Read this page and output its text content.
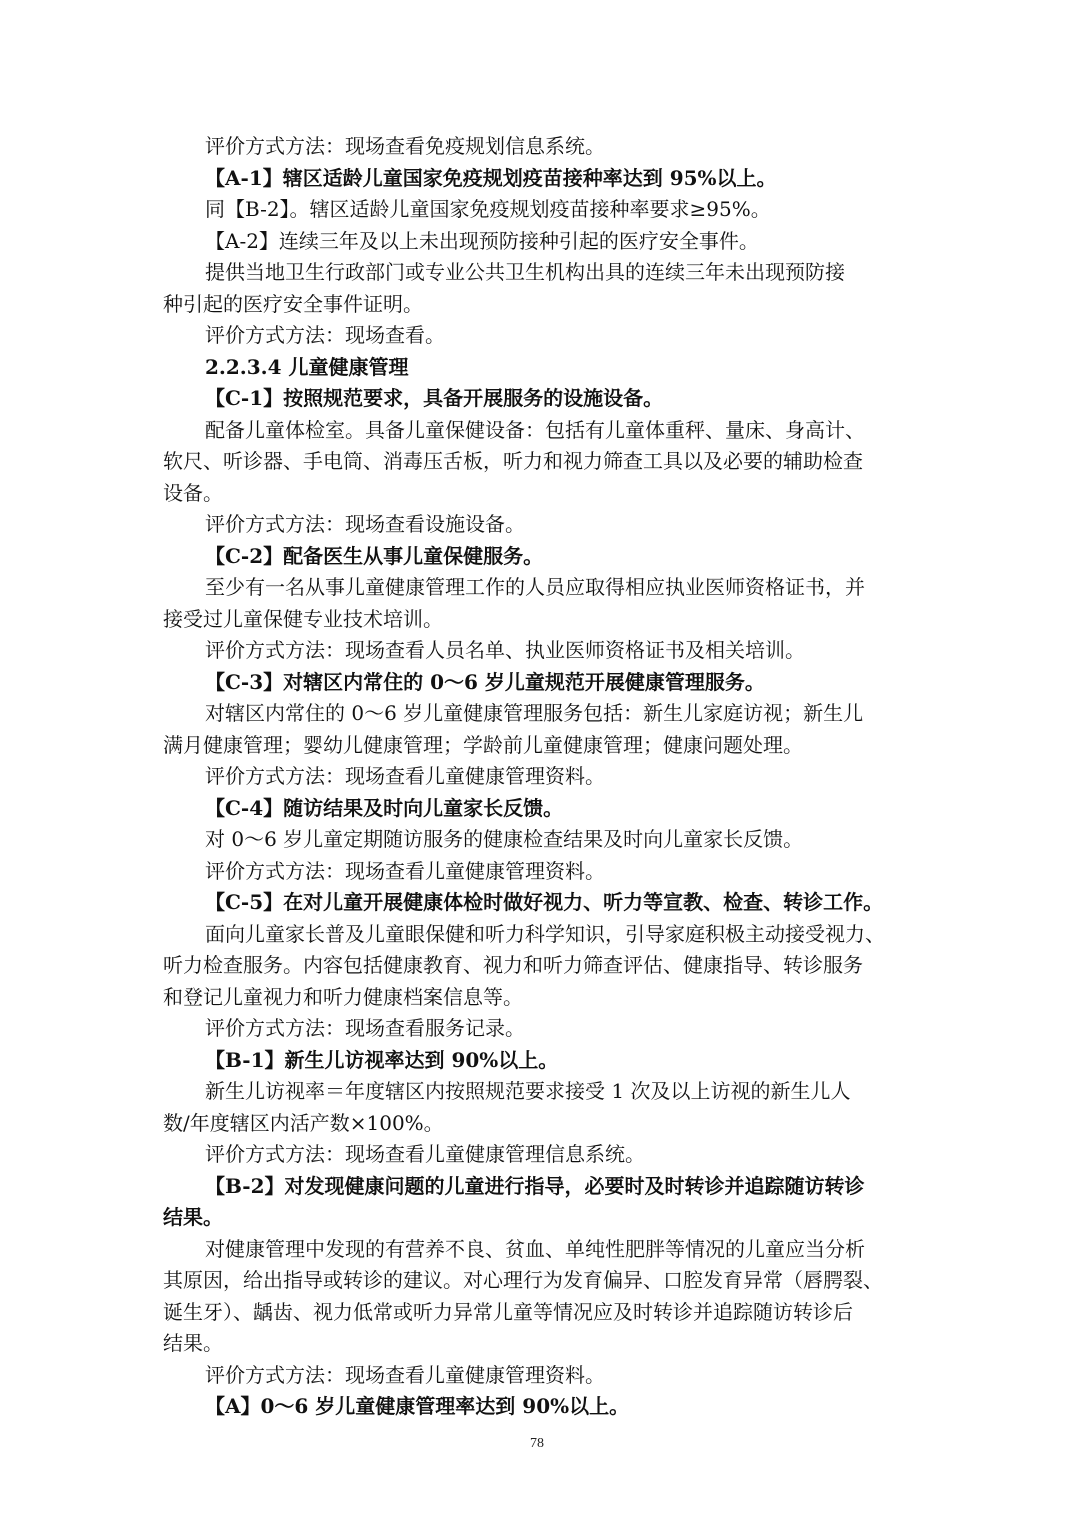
评价方式方法：现场查看免疫规划信息系统。
【A-1】辖区适龄儿童国家免疫规划疫苗接种率达到 95%以上。
同【B-2】。辖区适龄儿童国家免疫规划疫苗接种率要求≥95%。
【A-2】连续三年及以上未出现预防接种引起的医疗安全事件。
提供当地卫生行政部门或专业公共卫生机构出具的连续三年未出现预防接
种引起的医疗安全事件证明。
评价方式方法：现场查看。
2.2.3.4 儿童健康管理
【C-1】按照规范要求，具备开展服务的设施设备。
配备儿童体检室。具备儿童保健设备：包括有儿童体重秤、量床、身高计、
软尺、听诊器、手电筒、消毒压舌板，听力和视力筛查工具以及必要的辅助检查
设备。
评价方式方法：现场查看设施设备。
【C-2】配备医生从事儿童保健服务。
至少有一名从事儿童健康管理工作的人员应取得相应执业医师资格证书，并
接受过儿童保健专业技术培训。
评价方式方法：现场查看人员名单、执业医师资格证书及相关培训。
【C-3】对辖区内常住的 0～6 岁儿童规范开展健康管理服务。
对辖区内常住的 0～6 岁儿童健康管理服务包括：新生儿家庭访视；新生儿
满月健康管理；婴幼儿健康管理；学龄前儿童健康管理；健康问题处理。
评价方式方法：现场查看儿童健康管理资料。
【C-4】随访结果及时向儿童家长反馈。
对 0～6 岁儿童定期随访服务的健康检查结果及时向儿童家长反馈。
评价方式方法：现场查看儿童健康管理资料。
【C-5】在对儿童开展健康体检时做好视力、听力等宣教、检查、转诊工作。
面向儿童家长普及儿童眼保健和听力科学知识，引导家庭积极主动接受视力、
听力检查服务。内容包括健康教育、视力和听力筛查评估、健康指导、转诊服务
和登记儿童视力和听力健康档案信息等。
评价方式方法：现场查看服务记录。
【B-1】新生儿访视率达到 90%以上。
新生儿访视率＝年度辖区内按照规范要求接受 1 次及以上访视的新生儿人
数/年度辖区内活产数×100%。
评价方式方法：现场查看儿童健康管理信息系统。
【B-2】对发现健康问题的儿童进行指导，必要时及时转诊并追踪随访转诊
结果。
对健康管理中发现的有营养不良、贫血、单纯性肥胖等情况的儿童应当分析
其原因，给出指导或转诊的建议。对心理行为发育偏异、口腔发育异常（唇腭裂、
诞生牙）、龋齿、视力低常或听力异常儿童等情况应及时转诊并追踪随访转诊后
结果。
评价方式方法：现场查看儿童健康管理资料。
【A】0～6 岁儿童健康管理率达到 90%以上。
78
